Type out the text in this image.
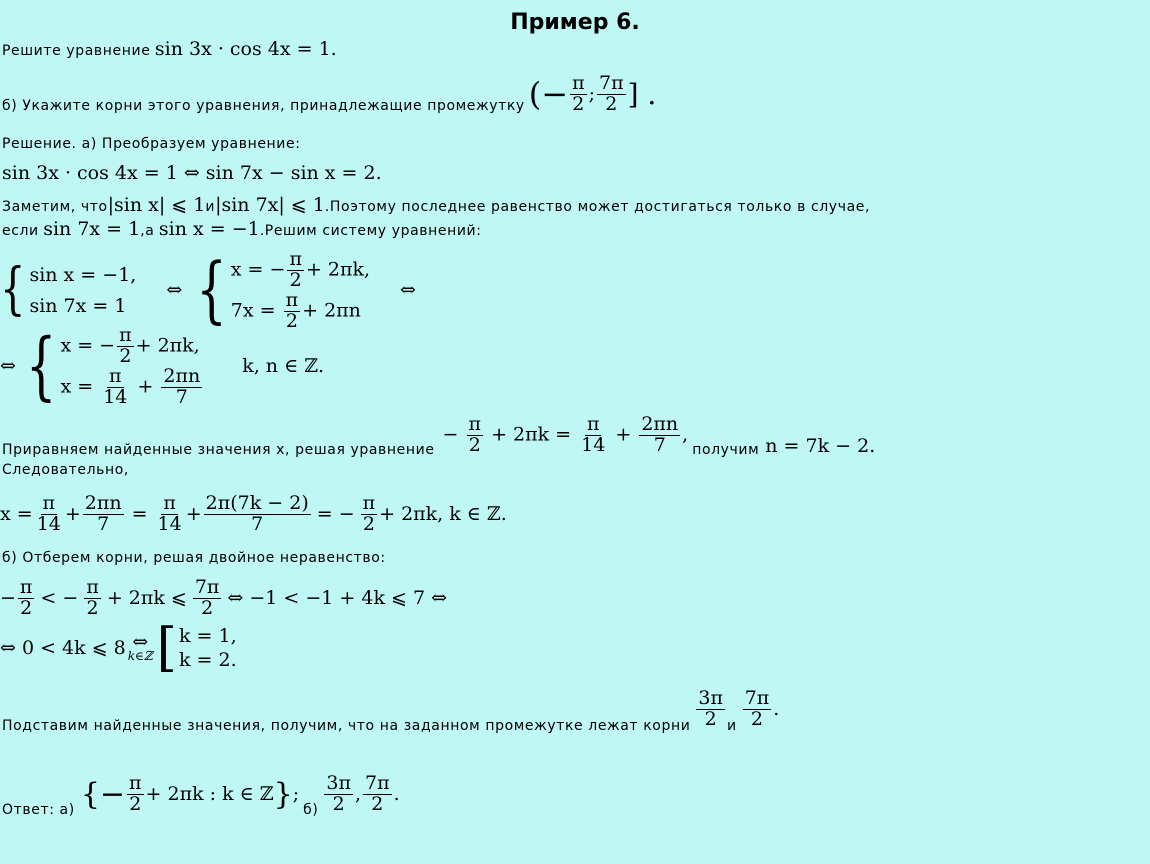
Пример 6.
Решите уравнение sin 3x · cos 4x = 1.
б) Укажите корни этого уравнения, принадлежащие промежутку (− $\frac{\pi}{2}$ ;
7π
2 ] .
Решение. а) Преобразуем уравнение:
sin 3x · cos 4x = 1 ⇔ sin 7x − sin x = 2.
Заметим, что|sin x| ⩽ 1и|sin 7x| ⩽ 1.Поэтому последнее равенство может достигаться только в случае,
если sin 7x = 1,а sin x = −1.Решим систему уравнений:
{ sin x = −1,
sin 7x = 1
⇔ { x = − $\frac{\pi}{2} + 2\pi k$,
$7x = \frac{\pi}{2} + 2\pi n$
⇔
⇔ { x = − $\frac{\pi}{2} + 2\pi k$,
$x = \frac{\pi}{14} + \frac{2\pi n}{7}$
k, n ∈ ℤ.
Приравняем найденные значения х, решая уравнение
− $\frac{\pi}{2} + 2\pi k = \frac{\pi}{14} + \frac{2\pi n}{7}$ ,
получим n = 7k − 2.
Следовательно,
$x = \frac{\pi}{14} + \frac{2\pi n}{7} = \frac{\pi}{14} + \frac{2\pi(7k - 2)}{7}$ = − $\frac{\pi}{2} + 2\pi k$, k ∈ ℤ.
б) Отберем корни, решая двойное неравенство:
− $\frac{\pi}{2}$ < − $\frac{\pi}{2} + 2\pi k$ ⩽
7π
2 ⇔ −1 < −1 + 4k ⩽ 7 ⇔
⇔ 0 < 4k ⩽ 8 ⇔
k∈ℤ [ k = 1,
k = 2.
Подставим найденные значения, получим, что на заданном промежутке лежат корни
3π
2 и
7π
2 .
Ответ: а) {− $\frac{\pi}{2} + 2\pi k$ : k ∈ ℤ } ;
б)
3π
2 ,
7π
2 .
